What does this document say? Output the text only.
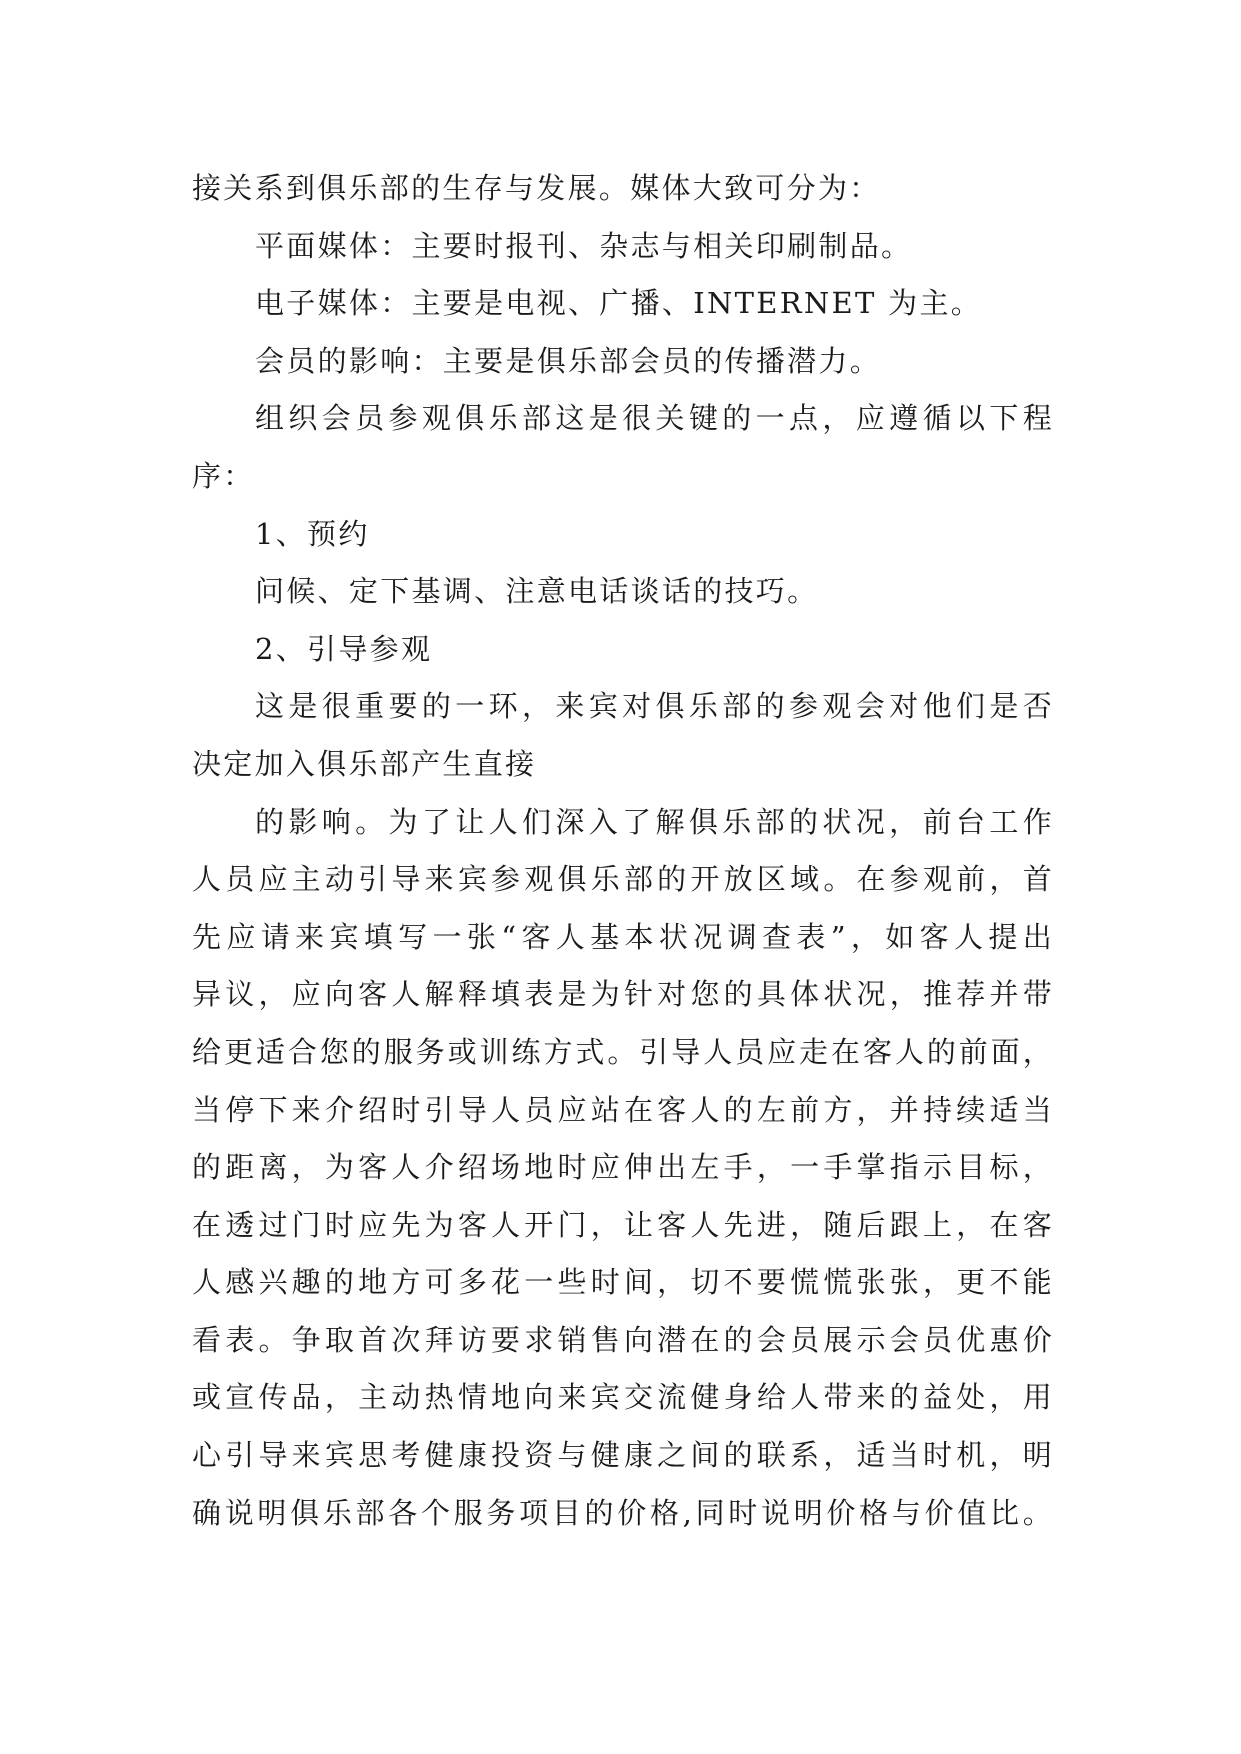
接关系到俱乐部的生存与发展。媒体大致可分为：
平面媒体：主要时报刊、杂志与相关印刷制品。
电子媒体：主要是电视、广播、INTERNET 为主。
会员的影响：主要是俱乐部会员的传播潜力。
组织会员参观俱乐部这是很关键的一点，应遵循以下程
序：
1、预约
问候、定下基调、注意电话谈话的技巧。
2、引导参观
这是很重要的一环，来宾对俱乐部的参观会对他们是否
决定加入俱乐部产生直接
的影响。为了让人们深入了解俱乐部的状况，前台工作
人员应主动引导来宾参观俱乐部的开放区域。在参观前，首
先应请来宾填写一张“客人基本状况调查表”，如客人提出
异议，应向客人解释填表是为针对您的具体状况，推荐并带
给更适合您的服务或训练方式。引导人员应走在客人的前面，
当停下来介绍时引导人员应站在客人的左前方，并持续适当
的距离，为客人介绍场地时应伸出左手，一手掌指示目标，
在透过门时应先为客人开门，让客人先进，随后跟上，在客
人感兴趣的地方可多花一些时间，切不要慌慌张张，更不能
看表。争取首次拜访要求销售向潜在的会员展示会员优惠价
或宣传品，主动热情地向来宾交流健身给人带来的益处，用
心引导来宾思考健康投资与健康之间的联系，适当时机，明
确说明俱乐部各个服务项目的价格,同时说明价格与价值比。
